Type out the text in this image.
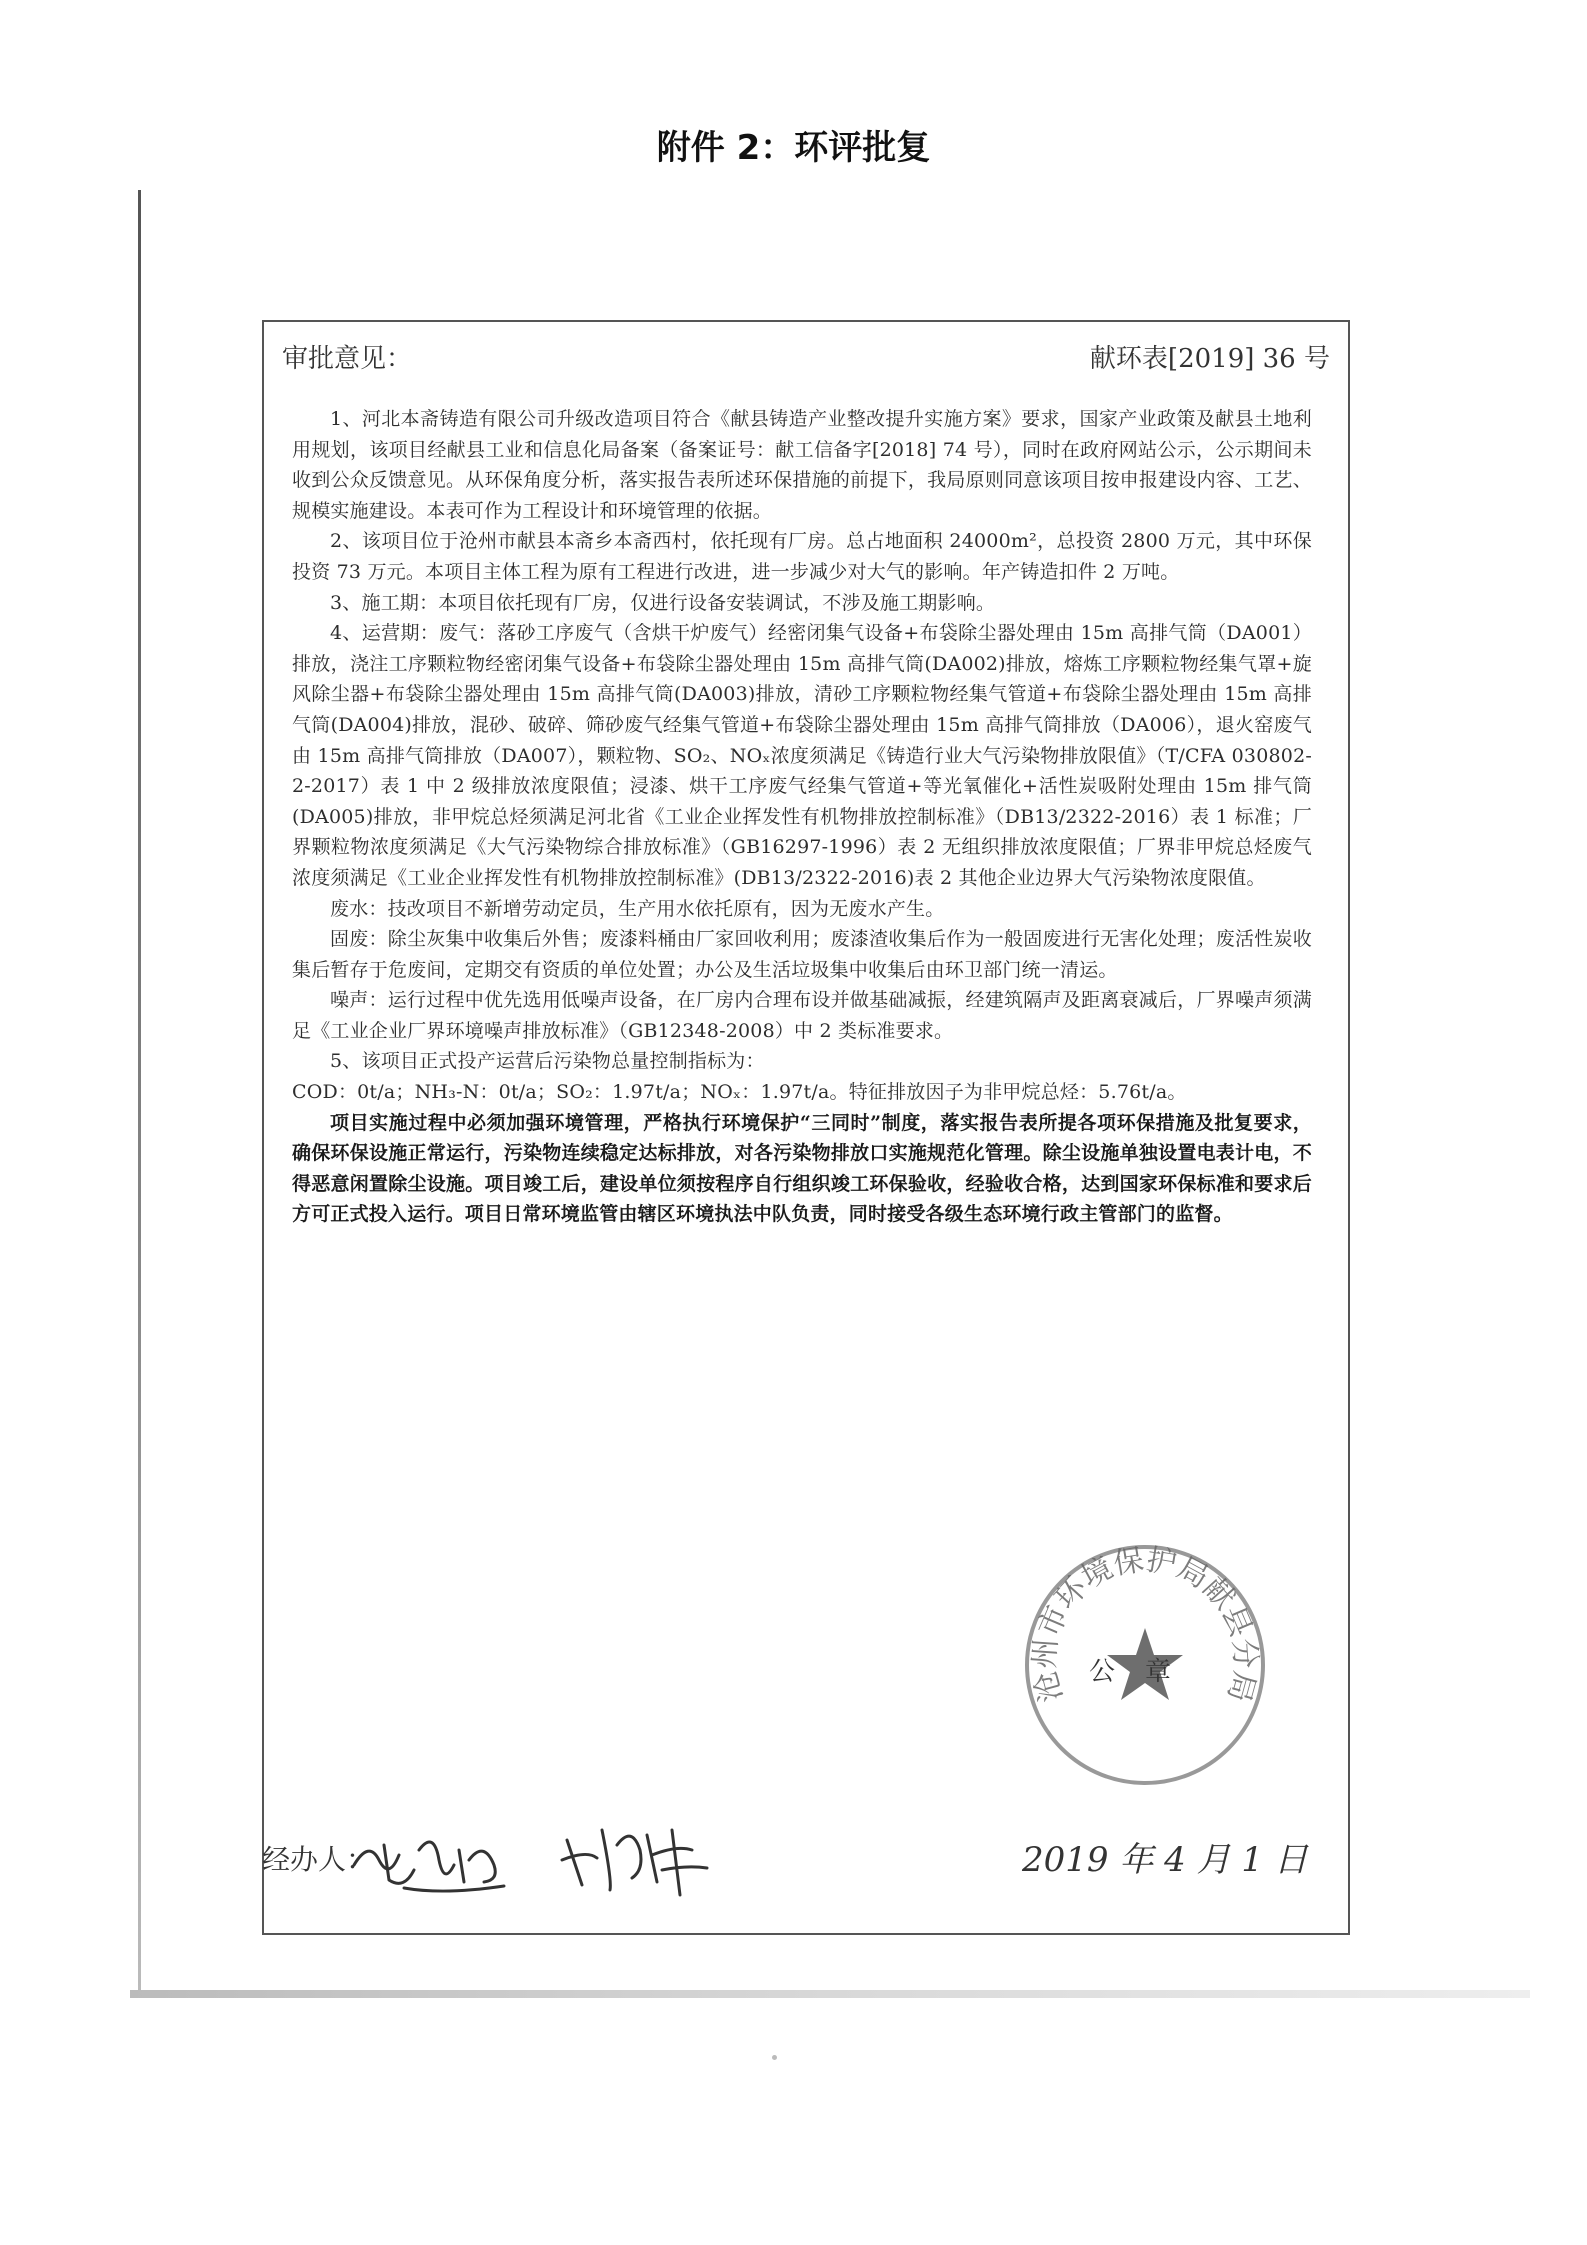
附件 2：环评批复
审批意见：	献环表[2019] 36 号

1、河北本斋铸造有限公司升级改造项目符合《献县铸造产业整改提升实施方案》要求，国家产业政策及献县土地利用规划，该项目经献县工业和信息化局备案（备案证号：献工信备字[2018] 74 号），同时在政府网站公示，公示期间未收到公众反馈意见。从环保角度分析，落实报告表所述环保措施的前提下，我局原则同意该项目按申报建设内容、工艺、规模实施建设。本表可作为工程设计和环境管理的依据。

2、该项目位于沧州市献县本斋乡本斋西村，依托现有厂房。总占地面积 24000m²，总投资 2800 万元，其中环保投资 73 万元。本项目主体工程为原有工程进行改进，进一步减少对大气的影响。年产铸造扣件 2 万吨。

3、施工期：本项目依托现有厂房，仅进行设备安装调试，不涉及施工期影响。

4、运营期：废气：落砂工序废气（含烘干炉废气）经密闭集气设备+布袋除尘器处理由 15m 高排气筒（DA001）排放，浇注工序颗粒物经密闭集气设备+布袋除尘器处理由 15m 高排气筒(DA002)排放，熔炼工序颗粒物经集气罩+旋风除尘器+布袋除尘器处理由 15m 高排气筒(DA003)排放，清砂工序颗粒物经集气管道+布袋除尘器处理由 15m 高排气筒(DA004)排放，混砂、破碎、筛砂废气经集气管道+布袋除尘器处理由 15m 高排气筒排放（DA006），退火窑废气由 15m 高排气筒排放（DA007），颗粒物、SO₂、NOₓ浓度须满足《铸造行业大气污染物排放限值》（T/CFA 030802-2-2017）表 1 中 2 级排放浓度限值；浸漆、烘干工序废气经集气管道+等光氧催化+活性炭吸附处理由 15m 排气筒(DA005)排放，非甲烷总烃须满足河北省《工业企业挥发性有机物排放控制标准》（DB13/2322-2016）表 1 标准；厂界颗粒物浓度须满足《大气污染物综合排放标准》（GB16297-1996）表 2 无组织排放浓度限值；厂界非甲烷总烃废气浓度须满足《工业企业挥发性有机物排放控制标准》(DB13/2322-2016)表 2 其他企业边界大气污染物浓度限值。

废水：技改项目不新增劳动定员，生产用水依托原有，因为无废水产生。

固废：除尘灰集中收集后外售；废漆料桶由厂家回收利用；废漆渣收集后作为一般固废进行无害化处理；废活性炭收集后暂存于危废间，定期交有资质的单位处置；办公及生活垃圾集中收集后由环卫部门统一清运。

噪声：运行过程中优先选用低噪声设备，在厂房内合理布设并做基础减振，经建筑隔声及距离衰减后，厂界噪声须满足《工业企业厂界环境噪声排放标准》（GB12348-2008）中 2 类标准要求。

5、该项目正式投产运营后污染物总量控制指标为：

COD：0t/a；NH₃-N：0t/a；SO₂：1.97t/a；NOₓ：1.97t/a。特征排放因子为非甲烷总烃：5.76t/a。

项目实施过程中必须加强环境管理，严格执行环境保护“三同时”制度，落实报告表所提各项环保措施及批复要求，确保环保设施正常运行，污染物连续稳定达标排放，对各污染物排放口实施规范化管理。除尘设施单独设置电表计电，不得恶意闲置除尘设施。项目竣工后，建设单位须按程序自行组织竣工环保验收，经验收合格，达到国家环保标准和要求后方可正式投入运行。项目日常环境监管由辖区环境执法中队负责，同时接受各级生态环境行政主管部门的监督。

沧州市环境保护局献县分局
公章
经办人：	2019 年 4 月 1 日
